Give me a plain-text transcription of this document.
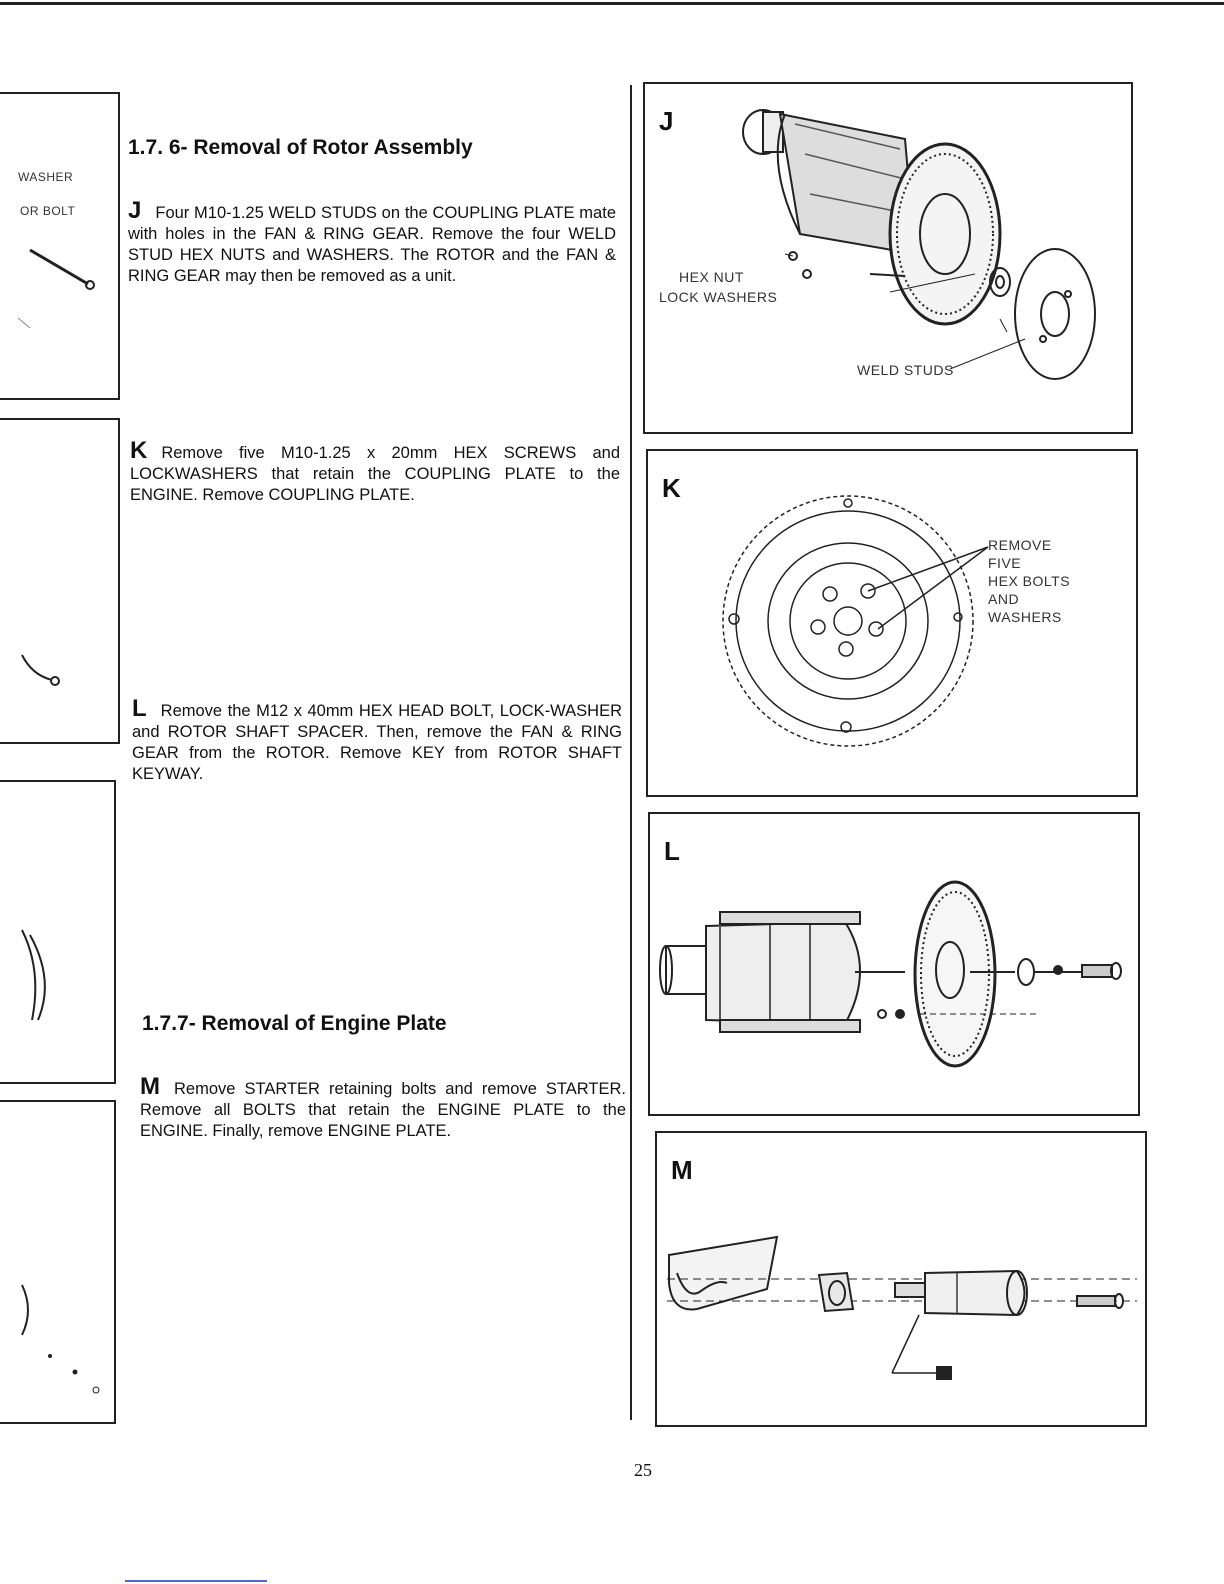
WASHER
OR BOLT
1.7. 6- Removal of Rotor Assembly
J Four M10-1.25 WELD STUDS on the COUPLING PLATE mate with holes in the FAN & RING GEAR. Remove the four WELD STUD HEX NUTS and WASHERS. The ROTOR and the FAN & RING GEAR may then be removed as a unit.
K Remove five M10-1.25 x 20mm HEX SCREWS and LOCKWASHERS that retain the COUPLING PLATE to the ENGINE. Remove COUPLING PLATE.
L Remove the M12 x 40mm HEX HEAD BOLT, LOCK-WASHER and ROTOR SHAFT SPACER. Then, remove the FAN & RING GEAR from the ROTOR. Remove KEY from ROTOR SHAFT KEYWAY.
1.7.7- Removal of Engine Plate
M Remove STARTER retaining bolts and remove STARTER. Remove all BOLTS that retain the ENGINE PLATE to the ENGINE. Finally, remove ENGINE PLATE.
J
HEX NUT
LOCK WASHERS
WELD STUDS
K
REMOVE
FIVE
HEX BOLTS
AND
WASHERS
L
M
25
